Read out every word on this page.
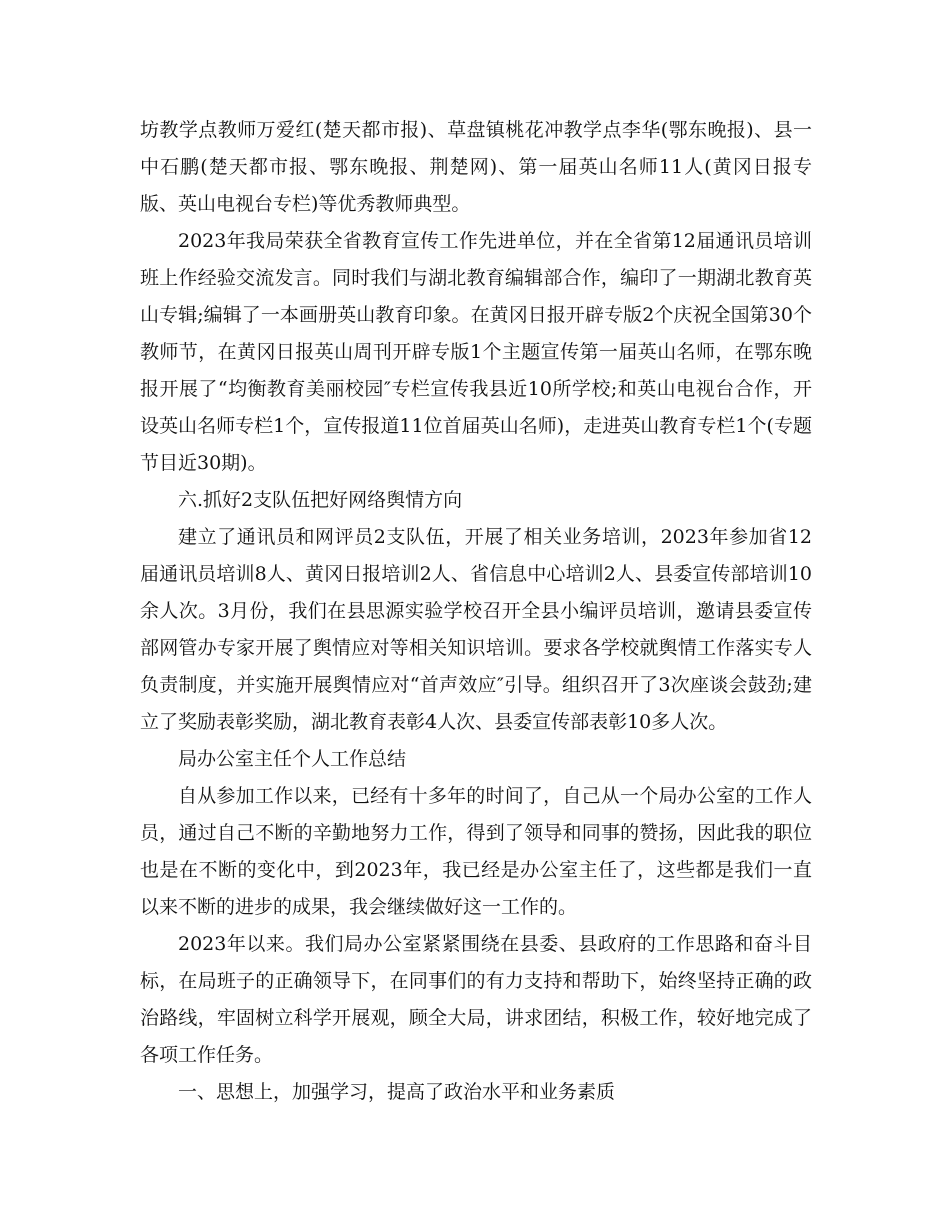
坊教学点教师万爱红(楚天都市报)、草盘镇桃花冲教学点李华(鄂东晚报)、县一中石鹏(楚天都市报、鄂东晚报、荆楚网)、第一届英山名师11人(黄冈日报专版、英山电视台专栏)等优秀教师典型。

2023年我局荣获全省教育宣传工作先进单位，并在全省第12届通讯员培训班上作经验交流发言。同时我们与湖北教育编辑部合作，编印了一期湖北教育英山专辑;编辑了一本画册英山教育印象。在黄冈日报开辟专版2个庆祝全国第30个教师节，在黄冈日报英山周刊开辟专版1个主题宣传第一届英山名师，在鄂东晚报开展了“均衡教育美丽校园″专栏宣传我县近10所学校;和英山电视台合作，开设英山名师专栏1个，宣传报道11位首届英山名师)，走进英山教育专栏1个(专题节目近30期)。

六.抓好2支队伍把好网络舆情方向

建立了通讯员和网评员2支队伍，开展了相关业务培训，2023年参加省12届通讯员培训8人、黄冈日报培训2人、省信息中心培训2人、县委宣传部培训10余人次。3月份，我们在县思源实验学校召开全县小编评员培训，邀请县委宣传部网管办专家开展了舆情应对等相关知识培训。要求各学校就舆情工作落实专人负责制度，并实施开展舆情应对“首声效应″引导。组织召开了3次座谈会鼓劲;建立了奖励表彰奖励，湖北教育表彰4人次、县委宣传部表彰10多人次。

局办公室主任个人工作总结

自从参加工作以来，已经有十多年的时间了，自己从一个局办公室的工作人员，通过自己不断的辛勤地努力工作，得到了领导和同事的赞扬，因此我的职位也是在不断的变化中，到2023年，我已经是办公室主任了，这些都是我们一直以来不断的进步的成果，我会继续做好这一工作的。

2023年以来。我们局办公室紧紧围绕在县委、县政府的工作思路和奋斗目标，在局班子的正确领导下，在同事们的有力支持和帮助下，始终坚持正确的政治路线，牢固树立科学开展观，顾全大局，讲求团结，积极工作，较好地完成了各项工作任务。

一、思想上，加强学习，提高了政治水平和业务素质
